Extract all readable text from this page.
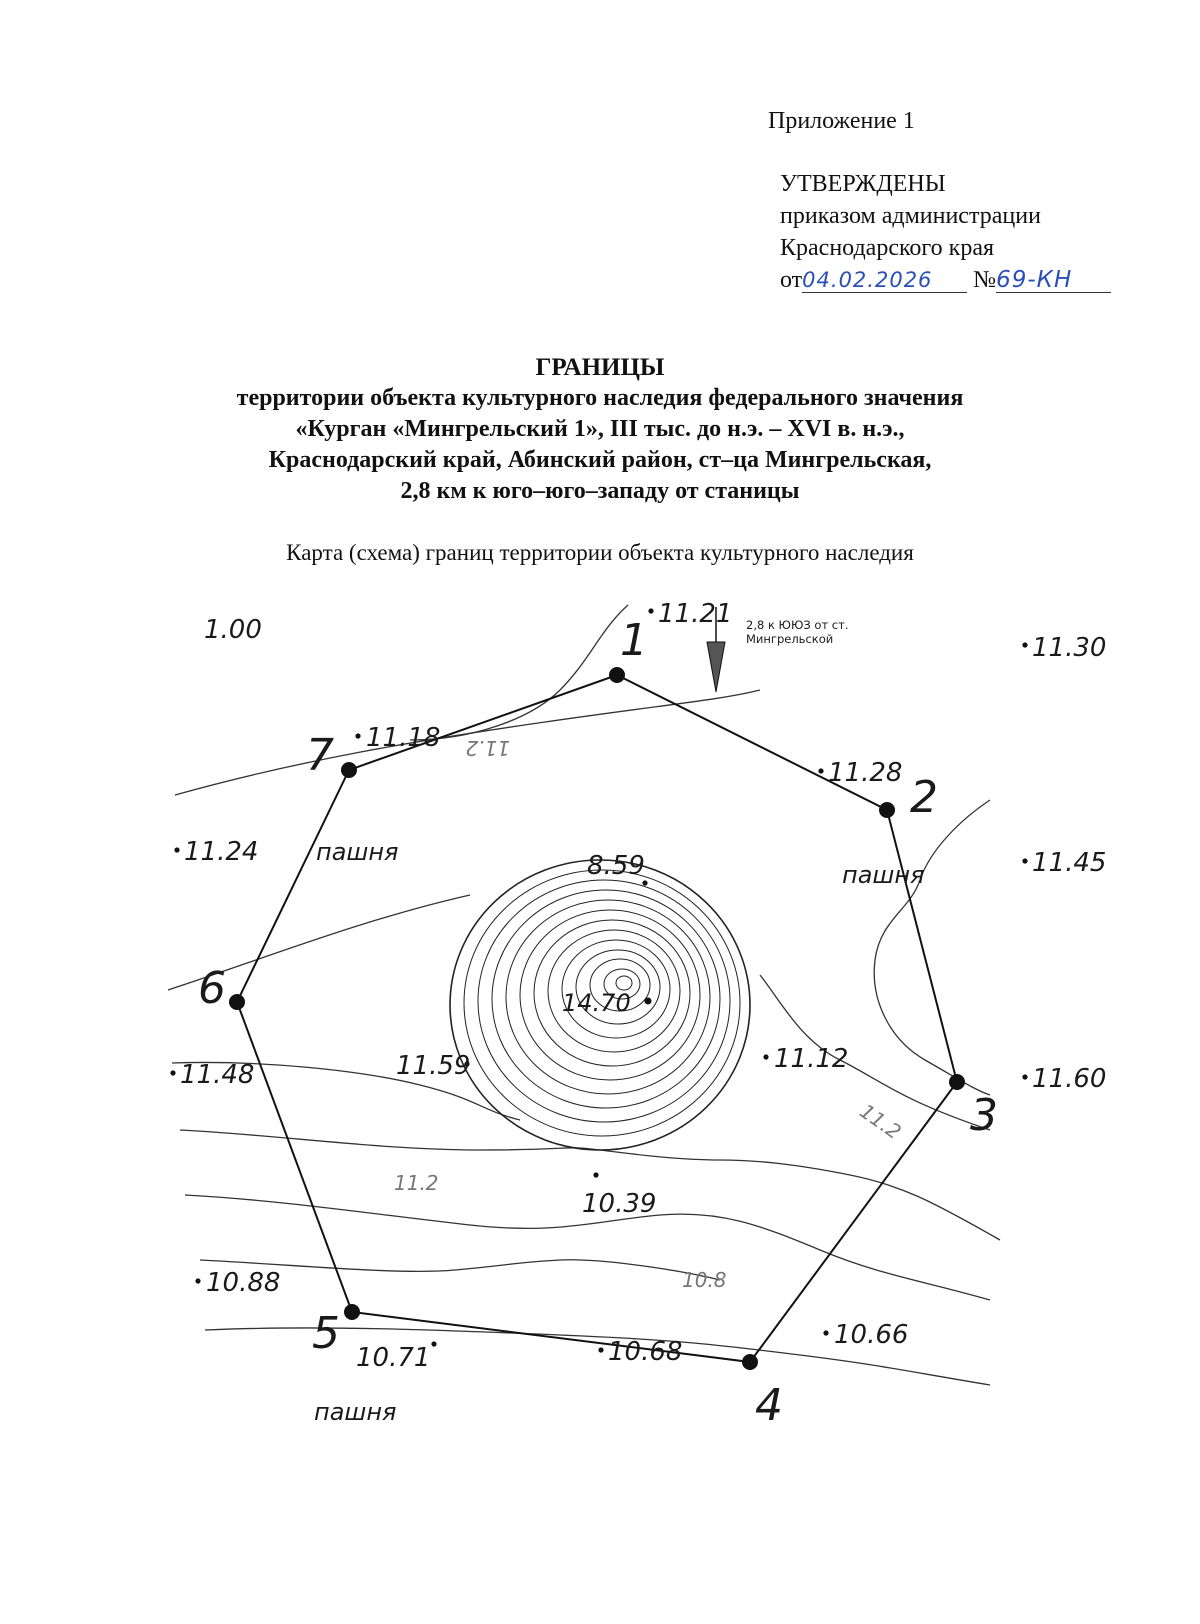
Приложение 1
УТВЕРЖДЕНЫ
приказом администрации
Краснодарского края
от04.02.2026 №69-КН
ГРАНИЦЫ
территории объекта культурного наследия федерального значения
«Курган «Мингрельский 1», III тыс. до н.э. – XVI в. н.э.,
Краснодарский край, Абинский район, ст–ца Мингрельская,
2,8 км к юго–юго–западу от станицы
Карта (схема) границ территории объекта культурного наследия
1
2
3
4
5
6
7
2,8 к ЮЮЗ от ст.
Мингрельской
1.00
11.21
11.30
11.18
11.28
11.24	11.45
8.59
14.70
11.59	11.12
11.60
11.48
10.39
10.88
10.66
10.71	10.68
11.2
11.2
11.2
10.8
пашня
пашня
пашня
